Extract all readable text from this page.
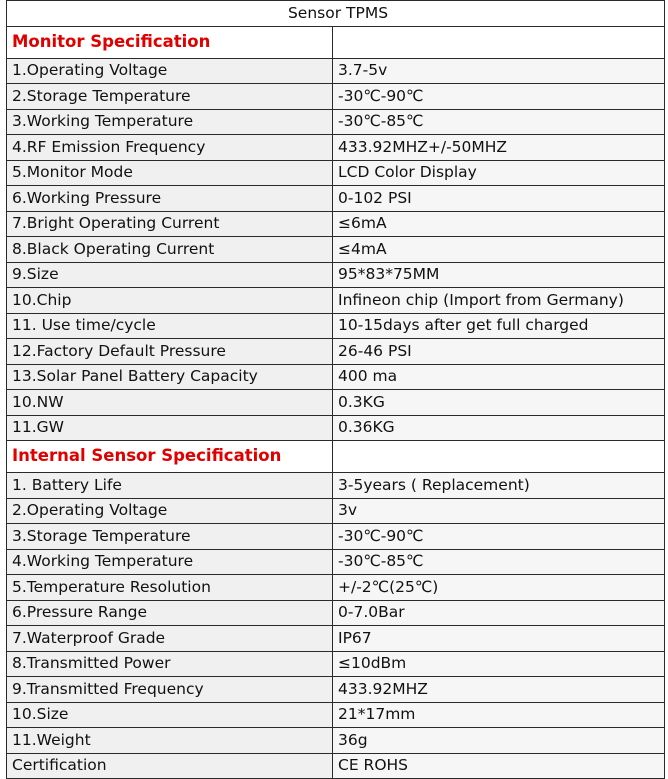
Sensor TPMS	
Monitor Specification	
1.Operating Voltage	3.7-5v
2.Storage Temperature	-30℃-90℃
3.Working Temperature	-30℃-85℃
4.RF Emission Frequency	433.92MHZ+/-50MHZ
5.Monitor Mode	LCD Color Display
6.Working Pressure	0-102 PSI
7.Bright Operating Current	≤6mA
8.Black Operating Current	≤4mA
9.Size	95*83*75MM
10.Chip	Infineon chip (Import from Germany)
11. Use time/cycle	10-15days after get full charged
12.Factory Default Pressure	26-46 PSI
13.Solar Panel Battery Capacity	400 ma
10.NW	0.3KG
11.GW	0.36KG
Internal Sensor Specification	
1. Battery Life	3-5years ( Replacement)
2.Operating Voltage	3v
3.Storage Temperature	-30℃-90℃
4.Working Temperature	-30℃-85℃
5.Temperature Resolution	+/-2℃(25℃)
6.Pressure Range	0-7.0Bar
7.Waterproof Grade	IP67
8.Transmitted Power	≤10dBm
9.Transmitted Frequency	433.92MHZ
10.Size	21*17mm
11.Weight	36g
Certification	CE ROHS
